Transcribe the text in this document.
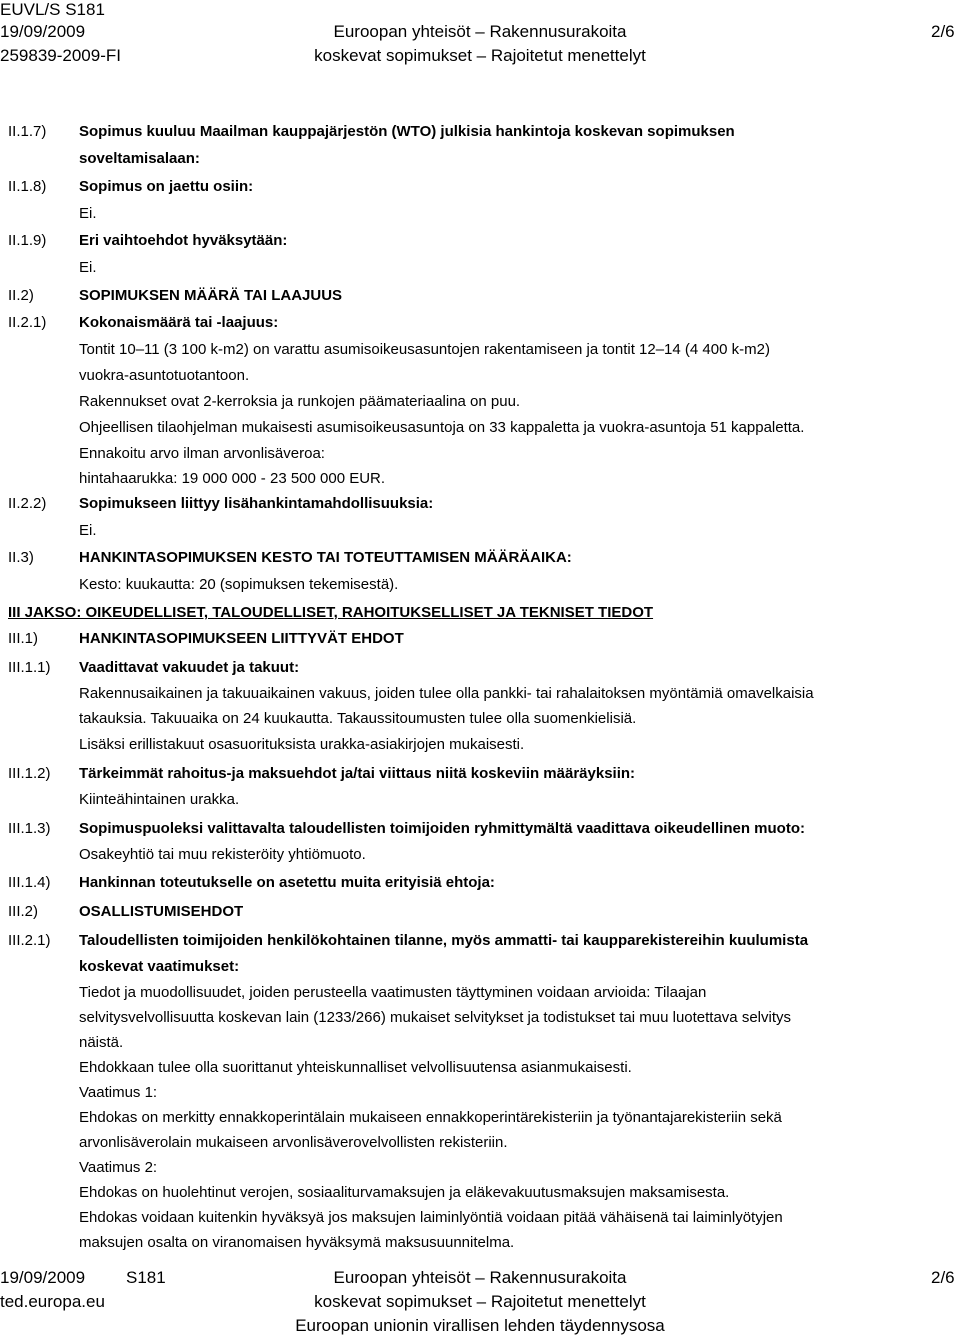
EUVL/S S181
19/09/2009
259839-2009-FI
Euroopan yhteisöt – Rakennusurakoita
koskevat sopimukset – Rajoitetut menettelyt
2/6
II.1.7)
II.1.8)
II.1.9)
II.2)
II.2.1)
II.2.2)
II.3)
III.1)
III.1.1)
III.1.2)
III.1.3)
III.1.4)
III.2)
III.2.1)
Sopimus kuuluu Maailman kauppajärjestön (WTO) julkisia hankintoja koskevan sopimuksen
soveltamisalaan:
Sopimus on jaettu osiin:
Ei.
Eri vaihtoehdot hyväksytään:
Ei.
SOPIMUKSEN MÄÄRÄ TAI LAAJUUS
Kokonaismäärä tai -laajuus:
Tontit 10–11 (3 100 k-m2) on varattu asumisoikeusasuntojen rakentamiseen ja tontit 12–14 (4 400 k-m2)
vuokra-asuntotuotantoon.
Rakennukset ovat 2-kerroksia ja runkojen päämateriaalina on puu.
Ohjeellisen tilaohjelman mukaisesti asumisoikeusasuntoja on 33 kappaletta ja vuokra-asuntoja 51 kappaletta.
Ennakoitu arvo ilman arvonlisäveroa:
hintahaarukka: 19 000 000 - 23 500 000 EUR.
Sopimukseen liittyy lisähankintamahdollisuuksia:
Ei.
HANKINTASOPIMUKSEN KESTO TAI TOTEUTTAMISEN MÄÄRÄAIKA:
Kesto: kuukautta: 20 (sopimuksen tekemisestä).
III JAKSO: OIKEUDELLISET, TALOUDELLISET, RAHOITUKSELLISET JA TEKNISET TIEDOT
HANKINTASOPIMUKSEEN LIITTYVÄT EHDOT
Vaadittavat vakuudet ja takuut:
Rakennusaikainen ja takuuaikainen vakuus, joiden tulee olla pankki- tai rahalaitoksen myöntämiä omavelkaisia
takauksia. Takuuaika on 24 kuukautta. Takaussitoumusten tulee olla suomenkielisiä.
Lisäksi erillistakuut osasuorituksista urakka-asiakirjojen mukaisesti.
Tärkeimmät rahoitus-ja maksuehdot ja/tai viittaus niitä koskeviin määräyksiin:
Kiinteähintainen urakka.
Sopimuspuoleksi valittavalta taloudellisten toimijoiden ryhmittymältä vaadittava oikeudellinen muoto:
Osakeyhtiö tai muu rekisteröity yhtiömuoto.
Hankinnan toteutukselle on asetettu muita erityisiä ehtoja:
OSALLISTUMISEHDOT
Taloudellisten toimijoiden henkilökohtainen tilanne, myös ammatti- tai kaupparekistereihin kuulumista
koskevat vaatimukset:
Tiedot ja muodollisuudet, joiden perusteella vaatimusten täyttyminen voidaan arvioida: Tilaajan
selvitysvelvollisuutta koskevan lain (1233/266) mukaiset selvitykset ja todistukset tai muu luotettava selvitys
näistä.
Ehdokkaan tulee olla suorittanut yhteiskunnalliset velvollisuutensa asianmukaisesti.
Vaatimus 1:
Ehdokas on merkitty ennakkoperintälain mukaiseen ennakkoperintärekisteriin ja työnantajarekisteriin sekä
arvonlisäverolain mukaiseen arvonlisäverovelvollisten rekisteriin.
Vaatimus 2:
Ehdokas on huolehtinut verojen, sosiaaliturvamaksujen ja eläkevakuutusmaksujen maksamisesta.
Ehdokas voidaan kuitenkin hyväksyä jos maksujen laiminlyöntiä voidaan pitää vähäisenä tai laiminlyötyjen
maksujen osalta on viranomaisen hyväksymä maksusuunnitelma.
19/09/2009 S181
ted.europa.eu
Euroopan yhteisöt – Rakennusurakoita
koskevat sopimukset – Rajoitetut menettelyt
Euroopan unionin virallisen lehden täydennysosa
2/6
